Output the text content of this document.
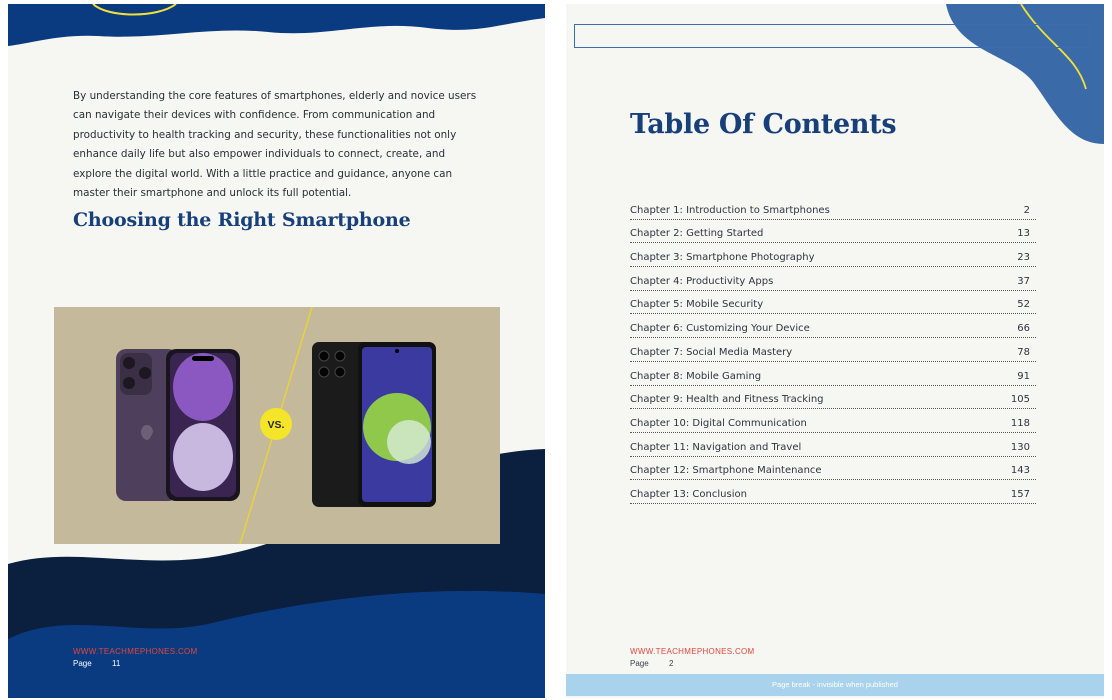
By understanding the core features of smartphones, elderly and novice users can navigate their devices with confidence. From communication and productivity to health tracking and security, these functionalities not only enhance daily life but also empower individuals to connect, create, and explore the digital world. With a little practice and guidance, anyone can master their smartphone and unlock its full potential.

Choosing the Right Smartphone
VS.
WWW.TEACHMEPHONES.COM
Page	11
Table Of Contents
Chapter 1: Introduction to Smartphones	2
Chapter 2: Getting Started	13
Chapter 3: Smartphone Photography	23
Chapter 4: Productivity Apps	37
Chapter 5: Mobile Security	52
Chapter 6: Customizing Your Device	66
Chapter 7: Social Media Mastery	78
Chapter 8: Mobile Gaming	91
Chapter 9: Health and Fitness Tracking	105
Chapter 10: Digital Communication	118
Chapter 11: Navigation and Travel	130
Chapter 12: Smartphone Maintenance	143
Chapter 13: Conclusion	157
WWW.TEACHMEPHONES.COM
Page	2
Page break - invisible when published
